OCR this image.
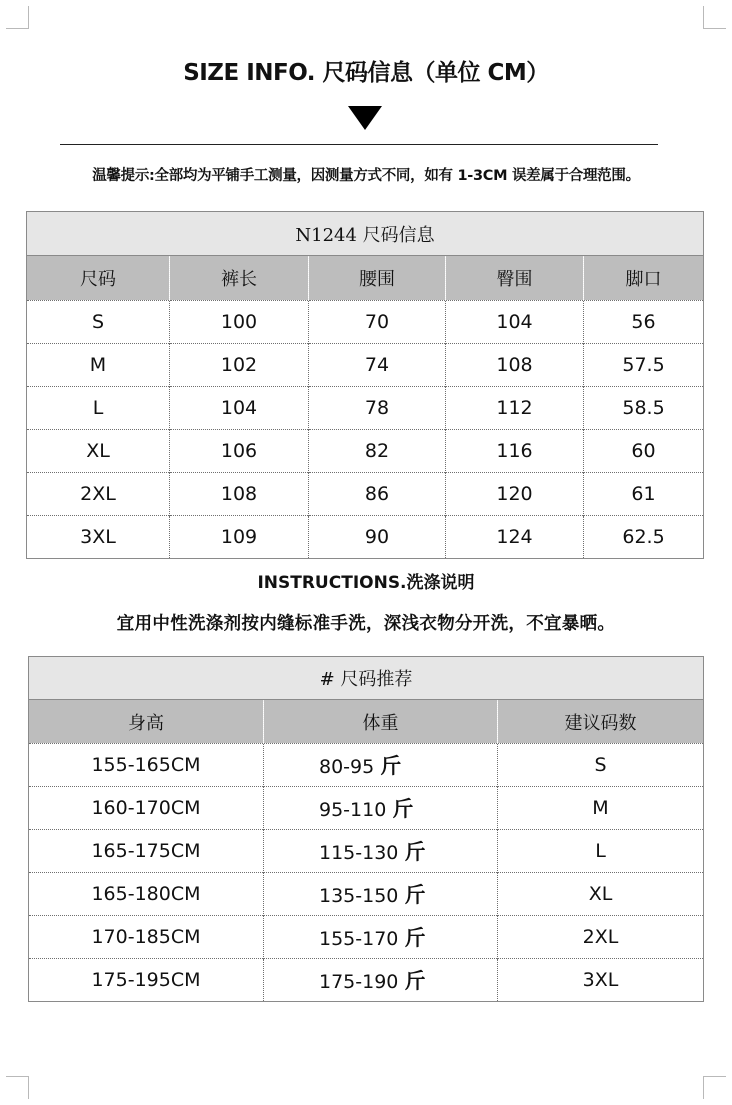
SIZE INFO. 尺码信息（单位 CM）
温馨提示:全部均为平铺手工测量，因测量方式不同，如有 1-3CM 误差属于合理范围。
N1244 尺码信息				
尺码	裤长	腰围	臀围	脚口
S	100	70	104	56
M	102	74	108	57.5
L	104	78	112	58.5
XL	106	82	116	60
2XL	108	86	120	61
3XL	109	90	124	62.5
INSTRUCTIONS.洗涤说明
宜用中性洗涤剂按内缝标准手洗，深浅衣物分开洗，不宜暴晒。
# 尺码推荐		
身高	体重	建议码数
155-165CM	80-95 斤	S
160-170CM	95-110 斤	M
165-175CM	115-130 斤	L
165-180CM	135-150 斤	XL
170-185CM	155-170 斤	2XL
175-195CM	175-190 斤	3XL
